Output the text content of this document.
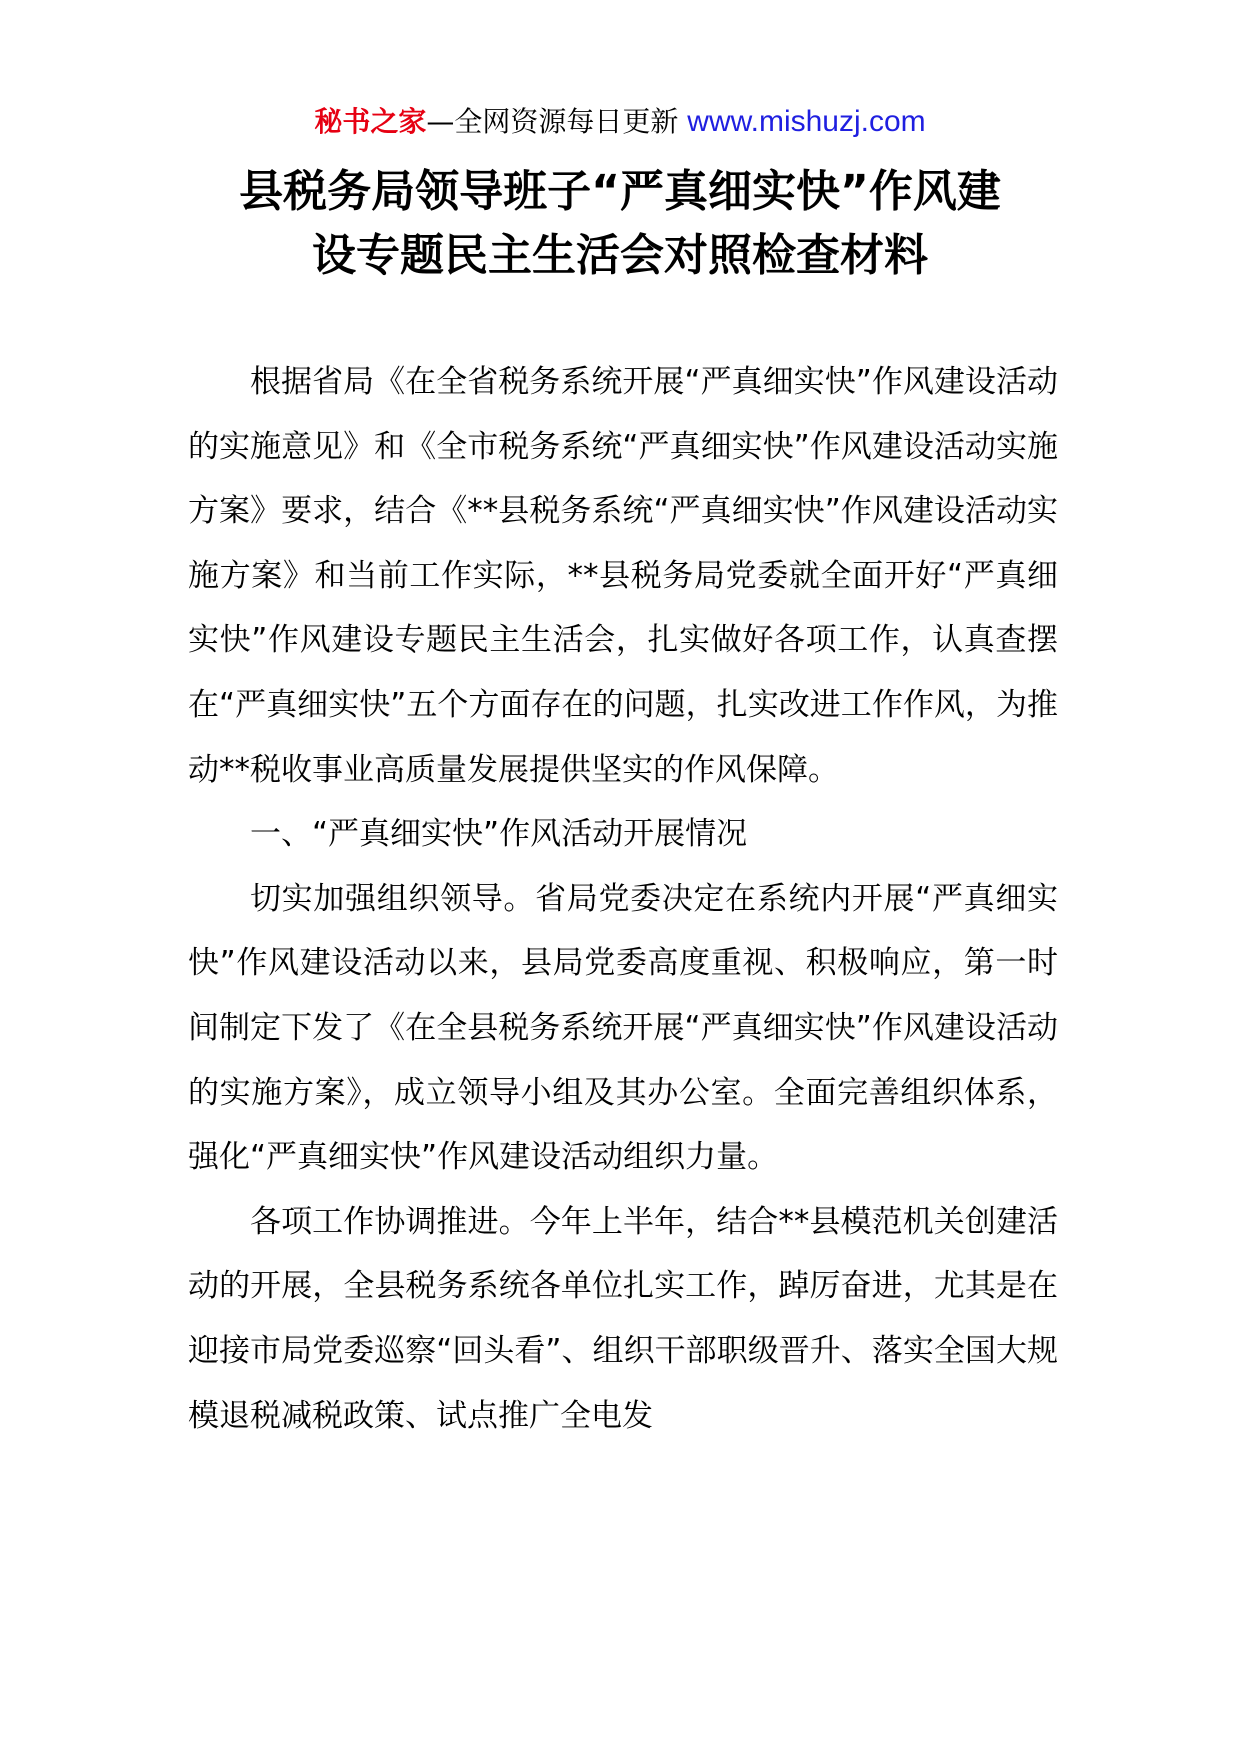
秘书之家—全网资源每日更新 www.mishuzj.com
县税务局领导班子“严真细实快”作风建
设专题民主生活会对照检查材料

根据省局《在全省税务系统开展“严真细实快”作风建设活动的实施意见》和《全市税务系统“严真细实快”作风建设活动实施方案》要求，结合《**县税务系统“严真细实快”作风建设活动实施方案》和当前工作实际，**县税务局党委就全面开好“严真细实快”作风建设专题民主生活会，扎实做好各项工作，认真查摆在“严真细实快”五个方面存在的问题，扎实改进工作作风，为推动**税收事业高质量发展提供坚实的作风保障。

一、“严真细实快”作风活动开展情况

切实加强组织领导。省局党委决定在系统内开展“严真细实快”作风建设活动以来，县局党委高度重视、积极响应，第一时间制定下发了《在全县税务系统开展“严真细实快”作风建设活动的实施方案》，成立领导小组及其办公室。全面完善组织体系，强化“严真细实快”作风建设活动组织力量。

各项工作协调推进。今年上半年，结合**县模范机关创建活动的开展，全县税务系统各单位扎实工作，踔厉奋进，尤其是在迎接市局党委巡察“回头看”、组织干部职级晋升、落实全国大规模退税减税政策、试点推广全电发
